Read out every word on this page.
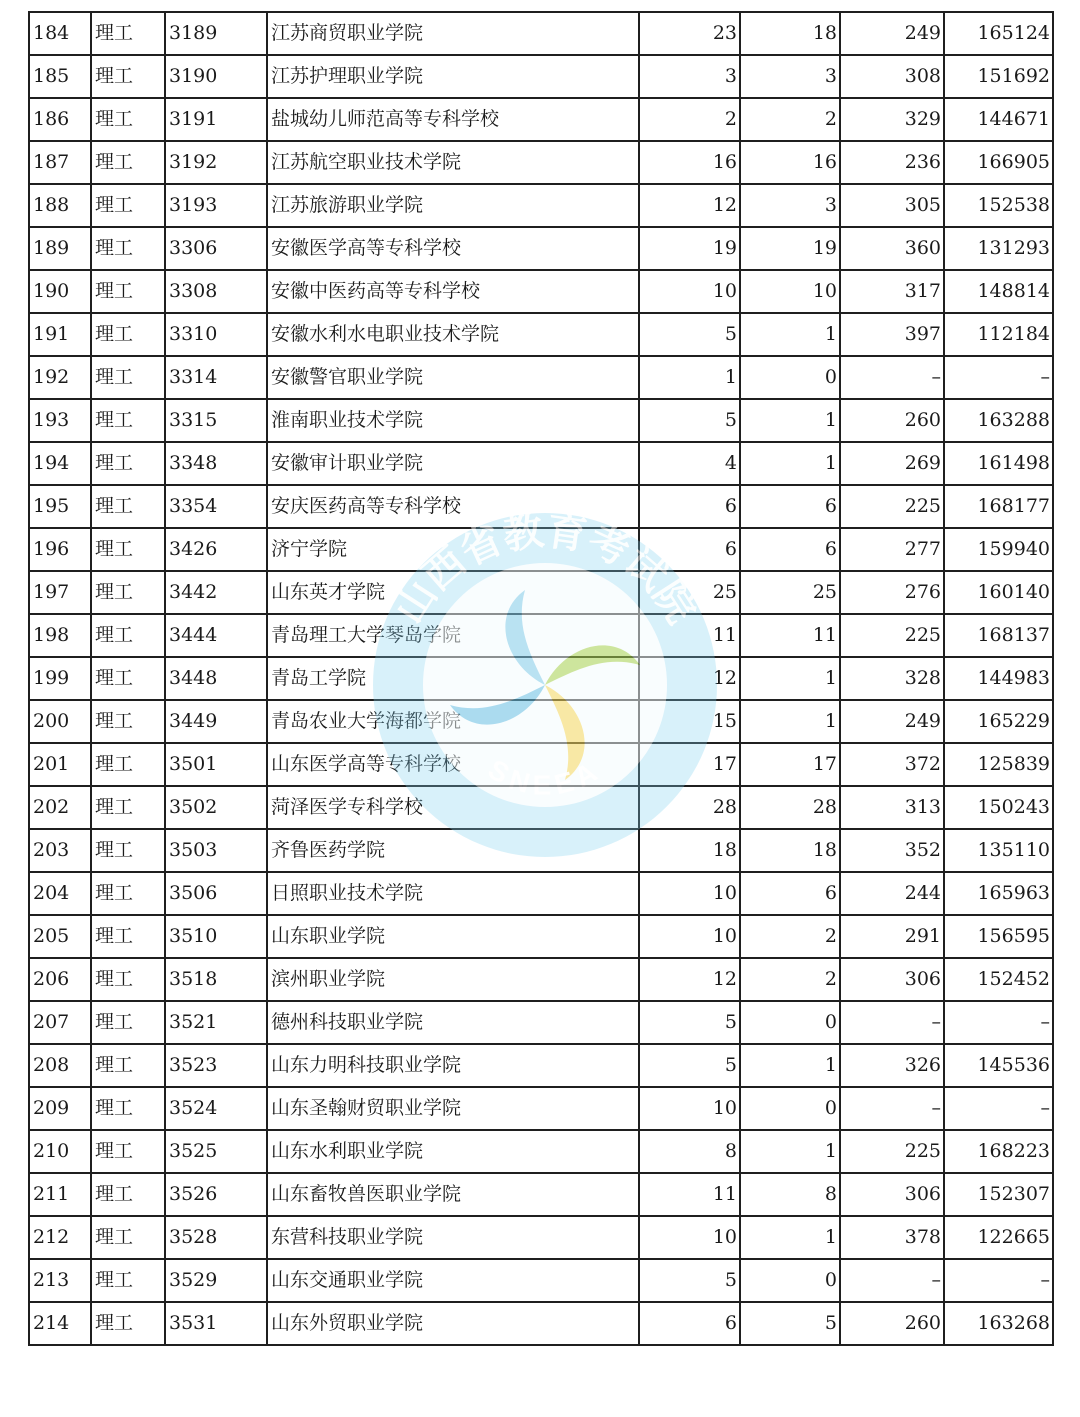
184	理工	3189	江苏商贸职业学院	23	18	249	165124
185	理工	3190	江苏护理职业学院	3	3	308	151692
186	理工	3191	盐城幼儿师范高等专科学校	2	2	329	144671
187	理工	3192	江苏航空职业技术学院	16	16	236	166905
188	理工	3193	江苏旅游职业学院	12	3	305	152538
189	理工	3306	安徽医学高等专科学校	19	19	360	131293
190	理工	3308	安徽中医药高等专科学校	10	10	317	148814
191	理工	3310	安徽水利水电职业技术学院	5	1	397	112184
192	理工	3314	安徽警官职业学院	1	0	–	–
193	理工	3315	淮南职业技术学院	5	1	260	163288
194	理工	3348	安徽审计职业学院	4	1	269	161498
195	理工	3354	安庆医药高等专科学校	6	6	225	168177
196	理工	3426	济宁学院	6	6	277	159940
197	理工	3442	山东英才学院	25	25	276	160140
198	理工	3444	青岛理工大学琴岛学院	11	11	225	168137
199	理工	3448	青岛工学院	12	1	328	144983
200	理工	3449	青岛农业大学海都学院	15	1	249	165229
201	理工	3501	山东医学高等专科学校	17	17	372	125839
202	理工	3502	菏泽医学专科学校	28	28	313	150243
203	理工	3503	齐鲁医药学院	18	18	352	135110
204	理工	3506	日照职业技术学院	10	6	244	165963
205	理工	3510	山东职业学院	10	2	291	156595
206	理工	3518	滨州职业学院	12	2	306	152452
207	理工	3521	德州科技职业学院	5	0	–	–
208	理工	3523	山东力明科技职业学院	5	1	326	145536
209	理工	3524	山东圣翰财贸职业学院	10	0	–	–
210	理工	3525	山东水利职业学院	8	1	225	168223
211	理工	3526	山东畜牧兽医职业学院	11	8	306	152307
212	理工	3528	东营科技职业学院	10	1	378	122665
213	理工	3529	山东交通职业学院	5	0	–	–
214	理工	3531	山东外贸职业学院	6	5	260	163268
山西省教育考试院
SNEEA
